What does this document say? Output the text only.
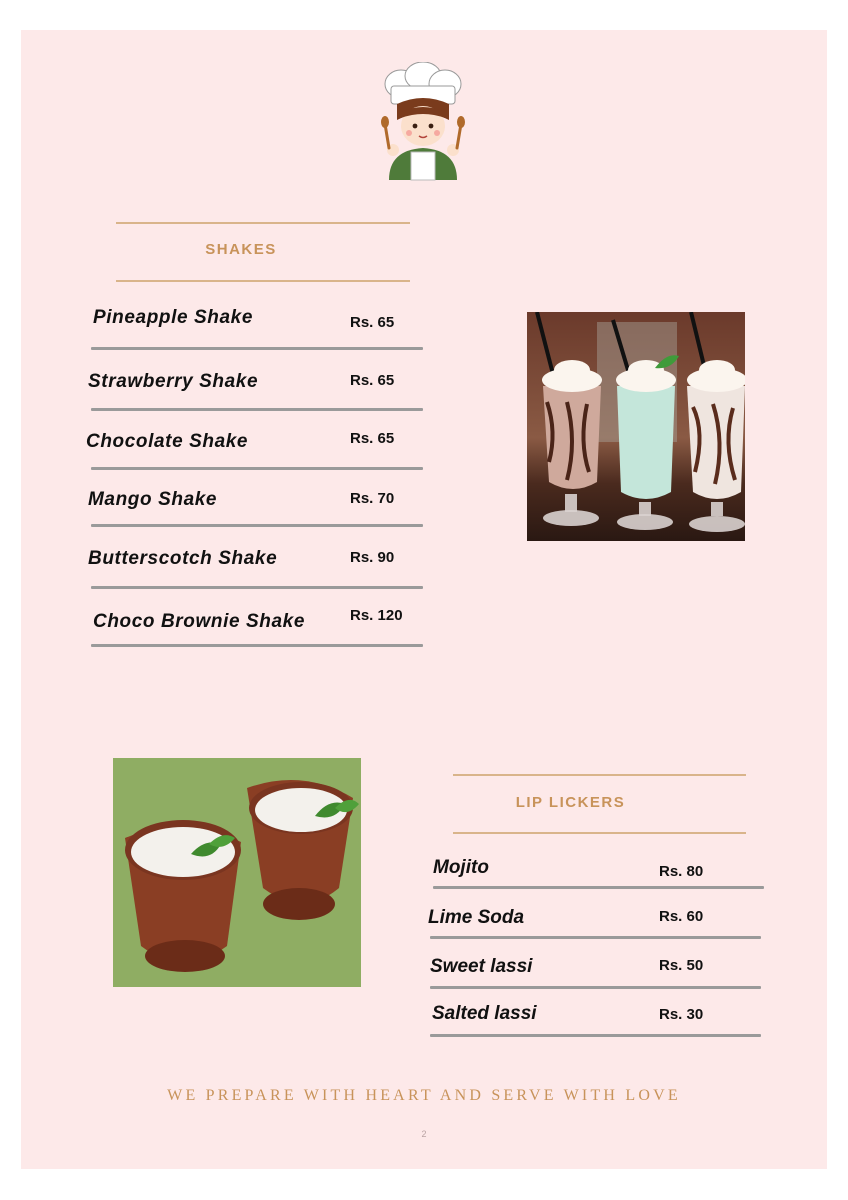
SHAKES
Pineapple Shake	Rs. 65
Strawberry Shake	Rs. 65
Chocolate Shake	Rs. 65
Mango Shake	Rs. 70
Butterscotch Shake	Rs. 90
Choco Brownie Shake	Rs. 120
LIP LICKERS
Mojito	Rs. 80
Lime Soda	Rs. 60
Sweet lassi	Rs. 50
Salted lassi	Rs. 30
WE PREPARE WITH HEART AND SERVE WITH LOVE
2
